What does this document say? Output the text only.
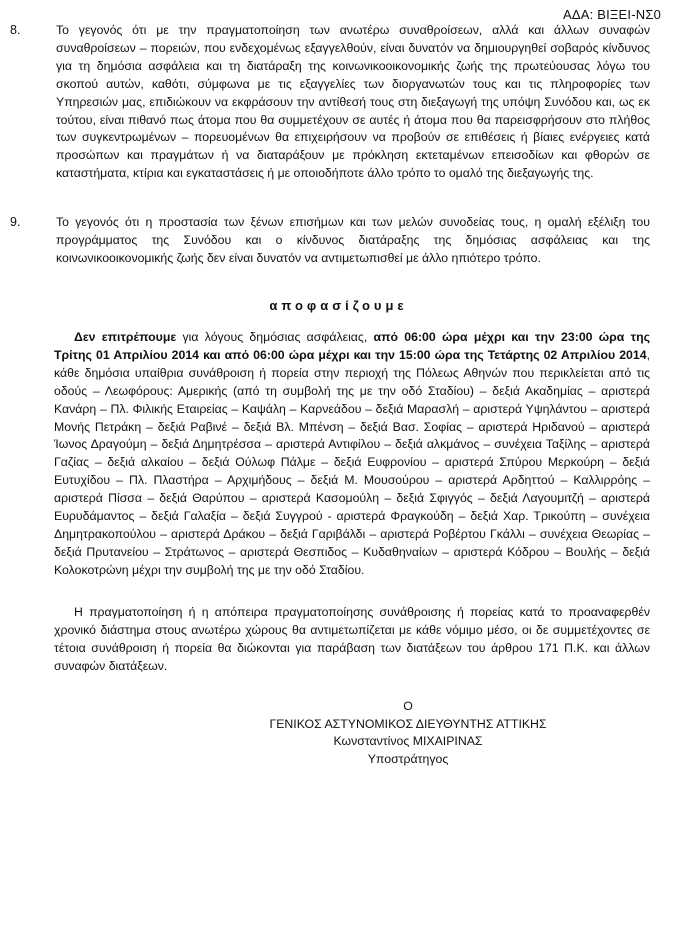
ΑΔΑ: ΒΙΞΕΙ-ΝΣ0
8.	Το γεγονός ότι με την πραγματοποίηση των ανωτέρω συναθροίσεων, αλλά και άλλων συναφών συναθροίσεων – πορειών, που ενδεχομένως εξαγγελθούν, είναι δυνατόν να δημιουργηθεί σοβαρός κίνδυνος για τη δημόσια ασφάλεια και τη διατάραξη της κοινωνικοοικονομικής ζωής της πρωτεύουσας λόγω του σκοπού αυτών, καθότι, σύμφωνα με τις εξαγγελίες των διοργανωτών τους και τις πληροφορίες των Υπηρεσιών μας, επιδιώκουν να εκφράσουν την αντίθεσή τους στη διεξαγωγή της υπόψη Συνόδου και, ως εκ τούτου, είναι πιθανό πως άτομα που θα συμμετέχουν σε αυτές ή άτομα που θα παρεισφρήσουν στο πλήθος των συγκεντρωμένων – πορευομένων θα επιχειρήσουν να προβούν σε επιθέσεις ή βίαιες ενέργειες κατά προσώπων και πραγμάτων ή να διαταράξουν με πρόκληση εκτεταμένων επεισοδίων και φθορών σε καταστήματα, κτίρια και εγκαταστάσεις ή με οποιοδήποτε άλλο τρόπο το ομαλό της διεξαγωγής της.
9.	Το γεγονός ότι η προστασία των ξένων επισήμων και των μελών συνοδείας τους, η ομαλή εξέλιξη του προγράμματος της Συνόδου και ο κίνδυνος διατάραξης της δημόσιας ασφάλειας και της κοινωνικοοικονομικής ζωής δεν είναι δυνατόν να αντιμετωπισθεί με άλλο ηπιότερο τρόπο.
αποφασίζουμε
Δεν επιτρέπουμε για λόγους δημόσιας ασφάλειας, από 06:00 ώρα μέχρι και την 23:00 ώρα της Τρίτης 01 Απριλίου 2014 και από 06:00 ώρα μέχρι και την 15:00 ώρα της Τετάρτης 02 Απριλίου 2014, κάθε δημόσια υπαίθρια συνάθροιση ή πορεία στην περιοχή της Πόλεως Αθηνών που περικλείεται από τις οδούς – Λεωφόρους: Αμερικής (από τη συμβολή της με την οδό Σταδίου) – δεξιά Ακαδημίας – αριστερά Κανάρη – Πλ. Φιλικής Εταιρείας – Καψάλη – Καρνεάδου – δεξιά Μαρασλή – αριστερά Υψηλάντου – αριστερά Μονής Πετράκη – δεξιά Ραβινέ – δεξιά Βλ. Μπένση – δεξιά Βασ. Σοφίας – αριστερά Ηριδανού – αριστερά Ίωνος Δραγούμη – δεξιά Δημητρέσσα – αριστερά Αντιφίλου – δεξιά αλκμάνος – συνέχεια Ταξίλης – αριστερά Γαζίας – δεξιά αλκαίου – δεξιά Ούλωφ Πάλμε – δεξιά Ευφρονίου – αριστερά Σπύρου Μερκούρη – δεξιά Ευτυχίδου – Πλ. Πλαστήρα – Αρχιμήδους – δεξιά Μ. Μουσούρου – αριστερά Αρδηττού – Καλλιρρόης – αριστερά Πίσσα – δεξιά Θαρύπου – αριστερά Κασομούλη – δεξιά Σφιγγός – δεξιά Λαγουμιτζή – αριστερά Ευρυδάμαντος – δεξιά Γαλαξία – δεξιά Συγγρού - αριστερά Φραγκούδη – δεξιά Χαρ. Τρικούπη – συνέχεια Δημητρακοπούλου – αριστερά Δράκου – δεξιά Γαριβάλδι – αριστερά Ροβέρτου Γκάλλι – συνέχεια Θεωρίας – δεξιά Πρυτανείου – Στράτωνος – αριστερά Θεσπιδος – Κυδαθηναίων – αριστερά Κόδρου – Βουλής – δεξιά Κολοκοτρώνη μέχρι την συμβολή της με την οδό Σταδίου.
Η πραγματοποίηση ή η απόπειρα πραγματοποίησης συνάθροισης ή πορείας κατά το προαναφερθέν χρονικό διάστημα στους ανωτέρω χώρους θα αντιμετωπίζεται με κάθε νόμιμο μέσο, οι δε συμμετέχοντες σε τέτοια συνάθροιση ή πορεία θα διώκονται για παράβαση των διατάξεων του άρθρου 171 Π.Κ. και άλλων συναφών διατάξεων.
Ο
ΓΕΝΙΚΟΣ ΑΣΤΥΝΟΜΙΚΟΣ ΔΙΕΥΘΥΝΤΗΣ ΑΤΤΙΚΗΣ
Κωνσταντίνος ΜΙΧΑΙΡΙΝΑΣ
Υποστράτηγος
